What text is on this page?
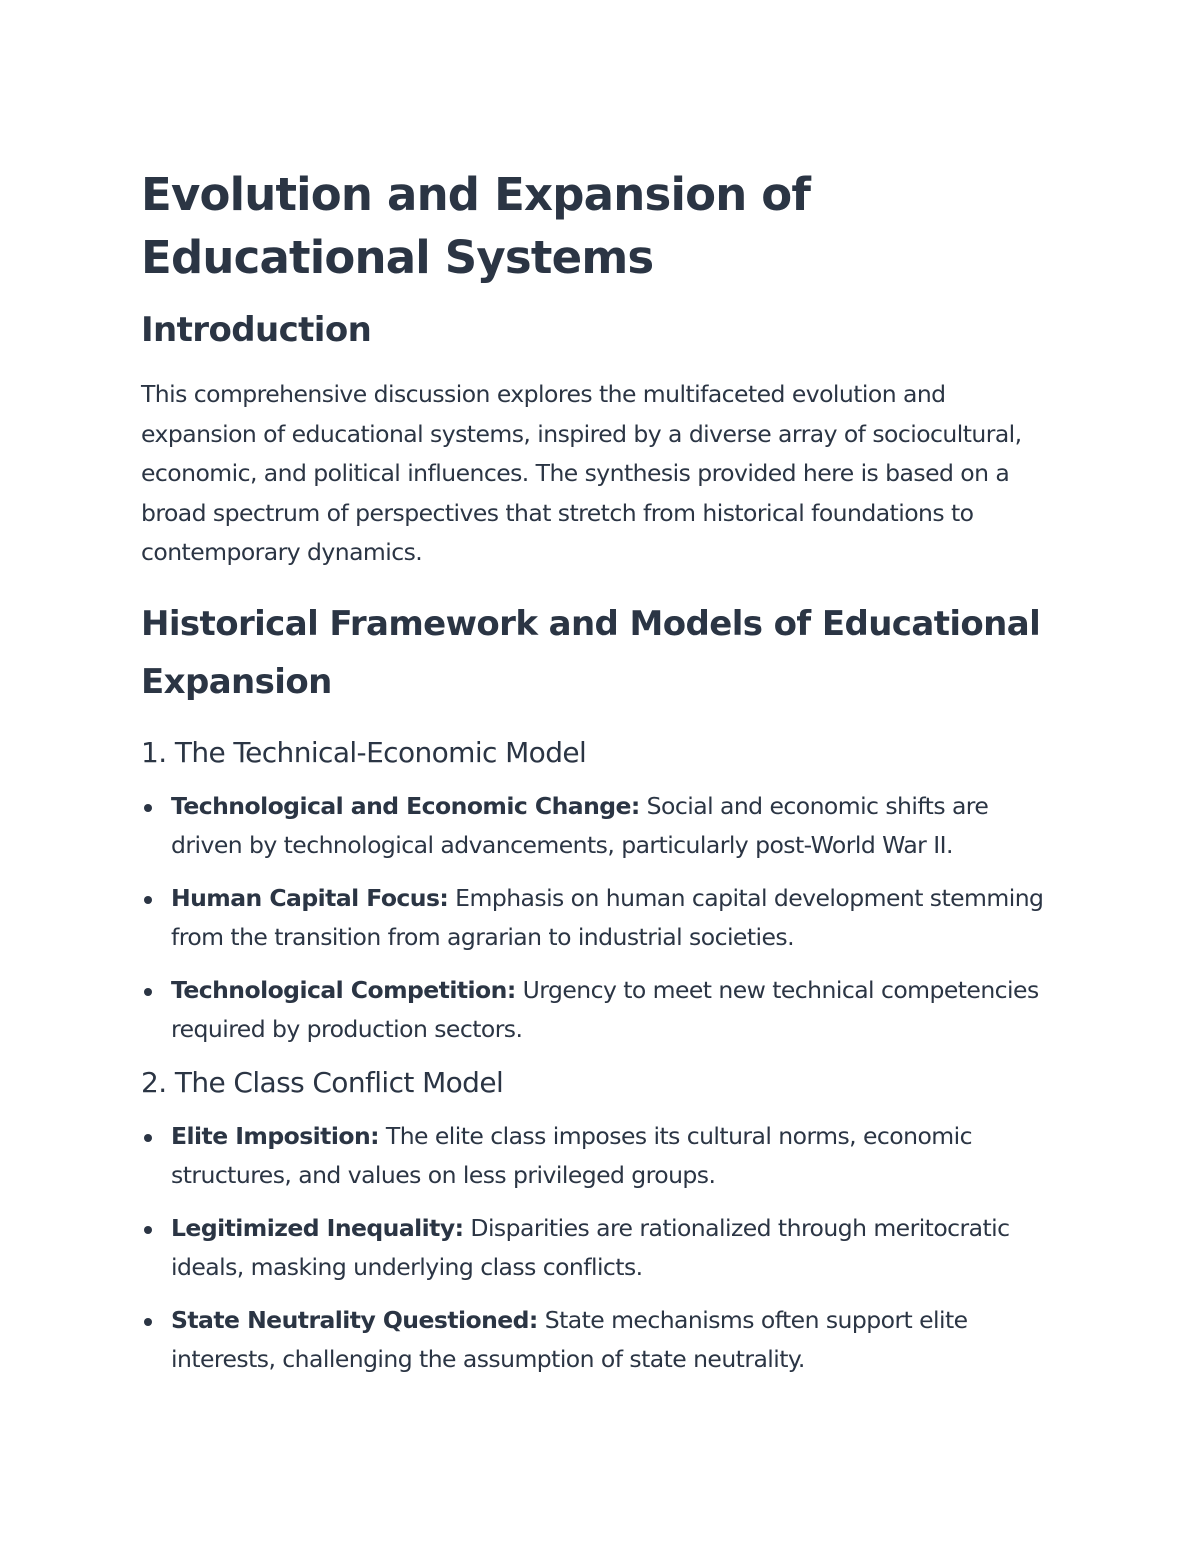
Evolution and Expansion of Educational Systems
Introduction

This comprehensive discussion explores the multifaceted evolution and expansion of educational systems, inspired by a diverse array of sociocultural, economic, and political influences. The synthesis provided here is based on a broad spectrum of perspectives that stretch from historical foundations to contemporary dynamics.

Historical Framework and Models of Educational Expansion
1. The Technical-Economic Model
Technological and Economic Change: Social and economic shifts are driven by technological advancements, particularly post-World War II.
Human Capital Focus: Emphasis on human capital development stemming from the transition from agrarian to industrial societies.
Technological Competition: Urgency to meet new technical competencies required by production sectors.
2. The Class Conflict Model
Elite Imposition: The elite class imposes its cultural norms, economic structures, and values on less privileged groups.
Legitimized Inequality: Disparities are rationalized through meritocratic ideals, masking underlying class conflicts.
State Neutrality Questioned: State mechanisms often support elite interests, challenging the assumption of state neutrality.
